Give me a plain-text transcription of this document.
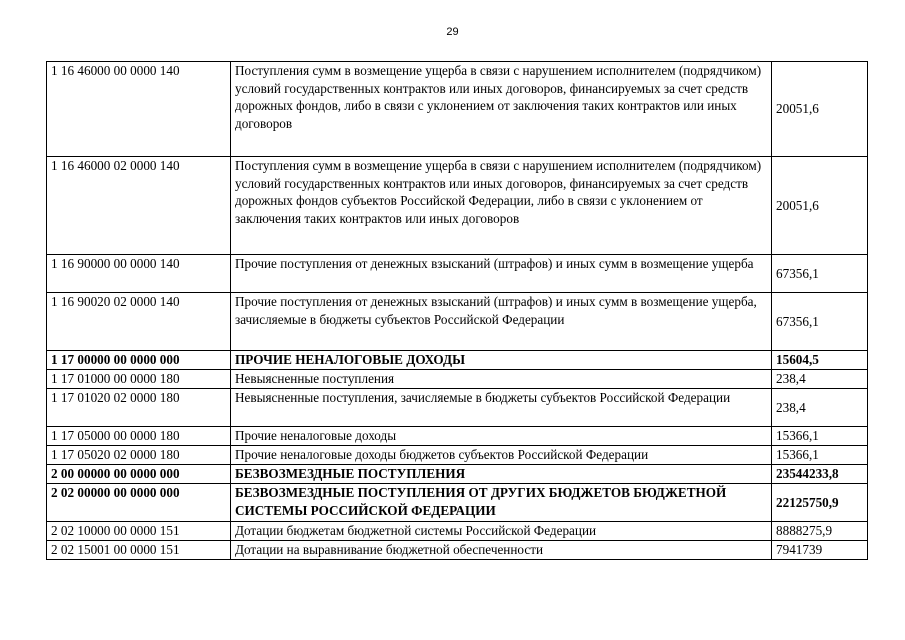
29
1 16 46000 00 0000 140	Поступления сумм в возмещение ущерба в связи с нарушением исполнителем (подрядчиком) условий государственных контрактов или иных договоров, финансируемых за счет средств дорожных фондов, либо в связи с уклонением от заключения таких контрактов или иных договоров	20051,6
1 16 46000 02 0000 140	Поступления сумм в возмещение ущерба в связи с нарушением исполнителем (подрядчиком) условий государственных контрактов или иных договоров, финансируемых за счет средств дорожных фондов субъектов Российской Федерации, либо в связи с уклонением от заключения таких контрактов или иных договоров	20051,6
1 16 90000 00 0000 140	Прочие поступления от денежных взысканий (штрафов) и иных сумм в возмещение ущерба	67356,1
1 16 90020 02 0000 140	Прочие поступления от денежных взысканий (штрафов) и иных сумм в возмещение ущерба, зачисляемые в бюджеты субъектов Российской Федерации	67356,1
1 17 00000 00 0000 000	ПРОЧИЕ НЕНАЛОГОВЫЕ ДОХОДЫ	15604,5
1 17 01000 00 0000 180	Невыясненные поступления	238,4
1 17 01020 02 0000 180	Невыясненные поступления, зачисляемые в бюджеты субъектов Российской Федерации	238,4
1 17 05000 00 0000 180	Прочие неналоговые доходы	15366,1
1 17 05020 02 0000 180	Прочие неналоговые доходы бюджетов субъектов Российской Федерации	15366,1
2 00 00000 00 0000 000	БЕЗВОЗМЕЗДНЫЕ ПОСТУПЛЕНИЯ	23544233,8
2 02 00000 00 0000 000	БЕЗВОЗМЕЗДНЫЕ ПОСТУПЛЕНИЯ ОТ ДРУГИХ БЮДЖЕТОВ БЮДЖЕТНОЙ СИСТЕМЫ РОССИЙСКОЙ ФЕДЕРАЦИИ	22125750,9
2 02 10000 00 0000 151	Дотации бюджетам бюджетной системы Российской Федерации	8888275,9
2 02 15001 00 0000 151	Дотации на выравнивание бюджетной обеспеченности	7941739
